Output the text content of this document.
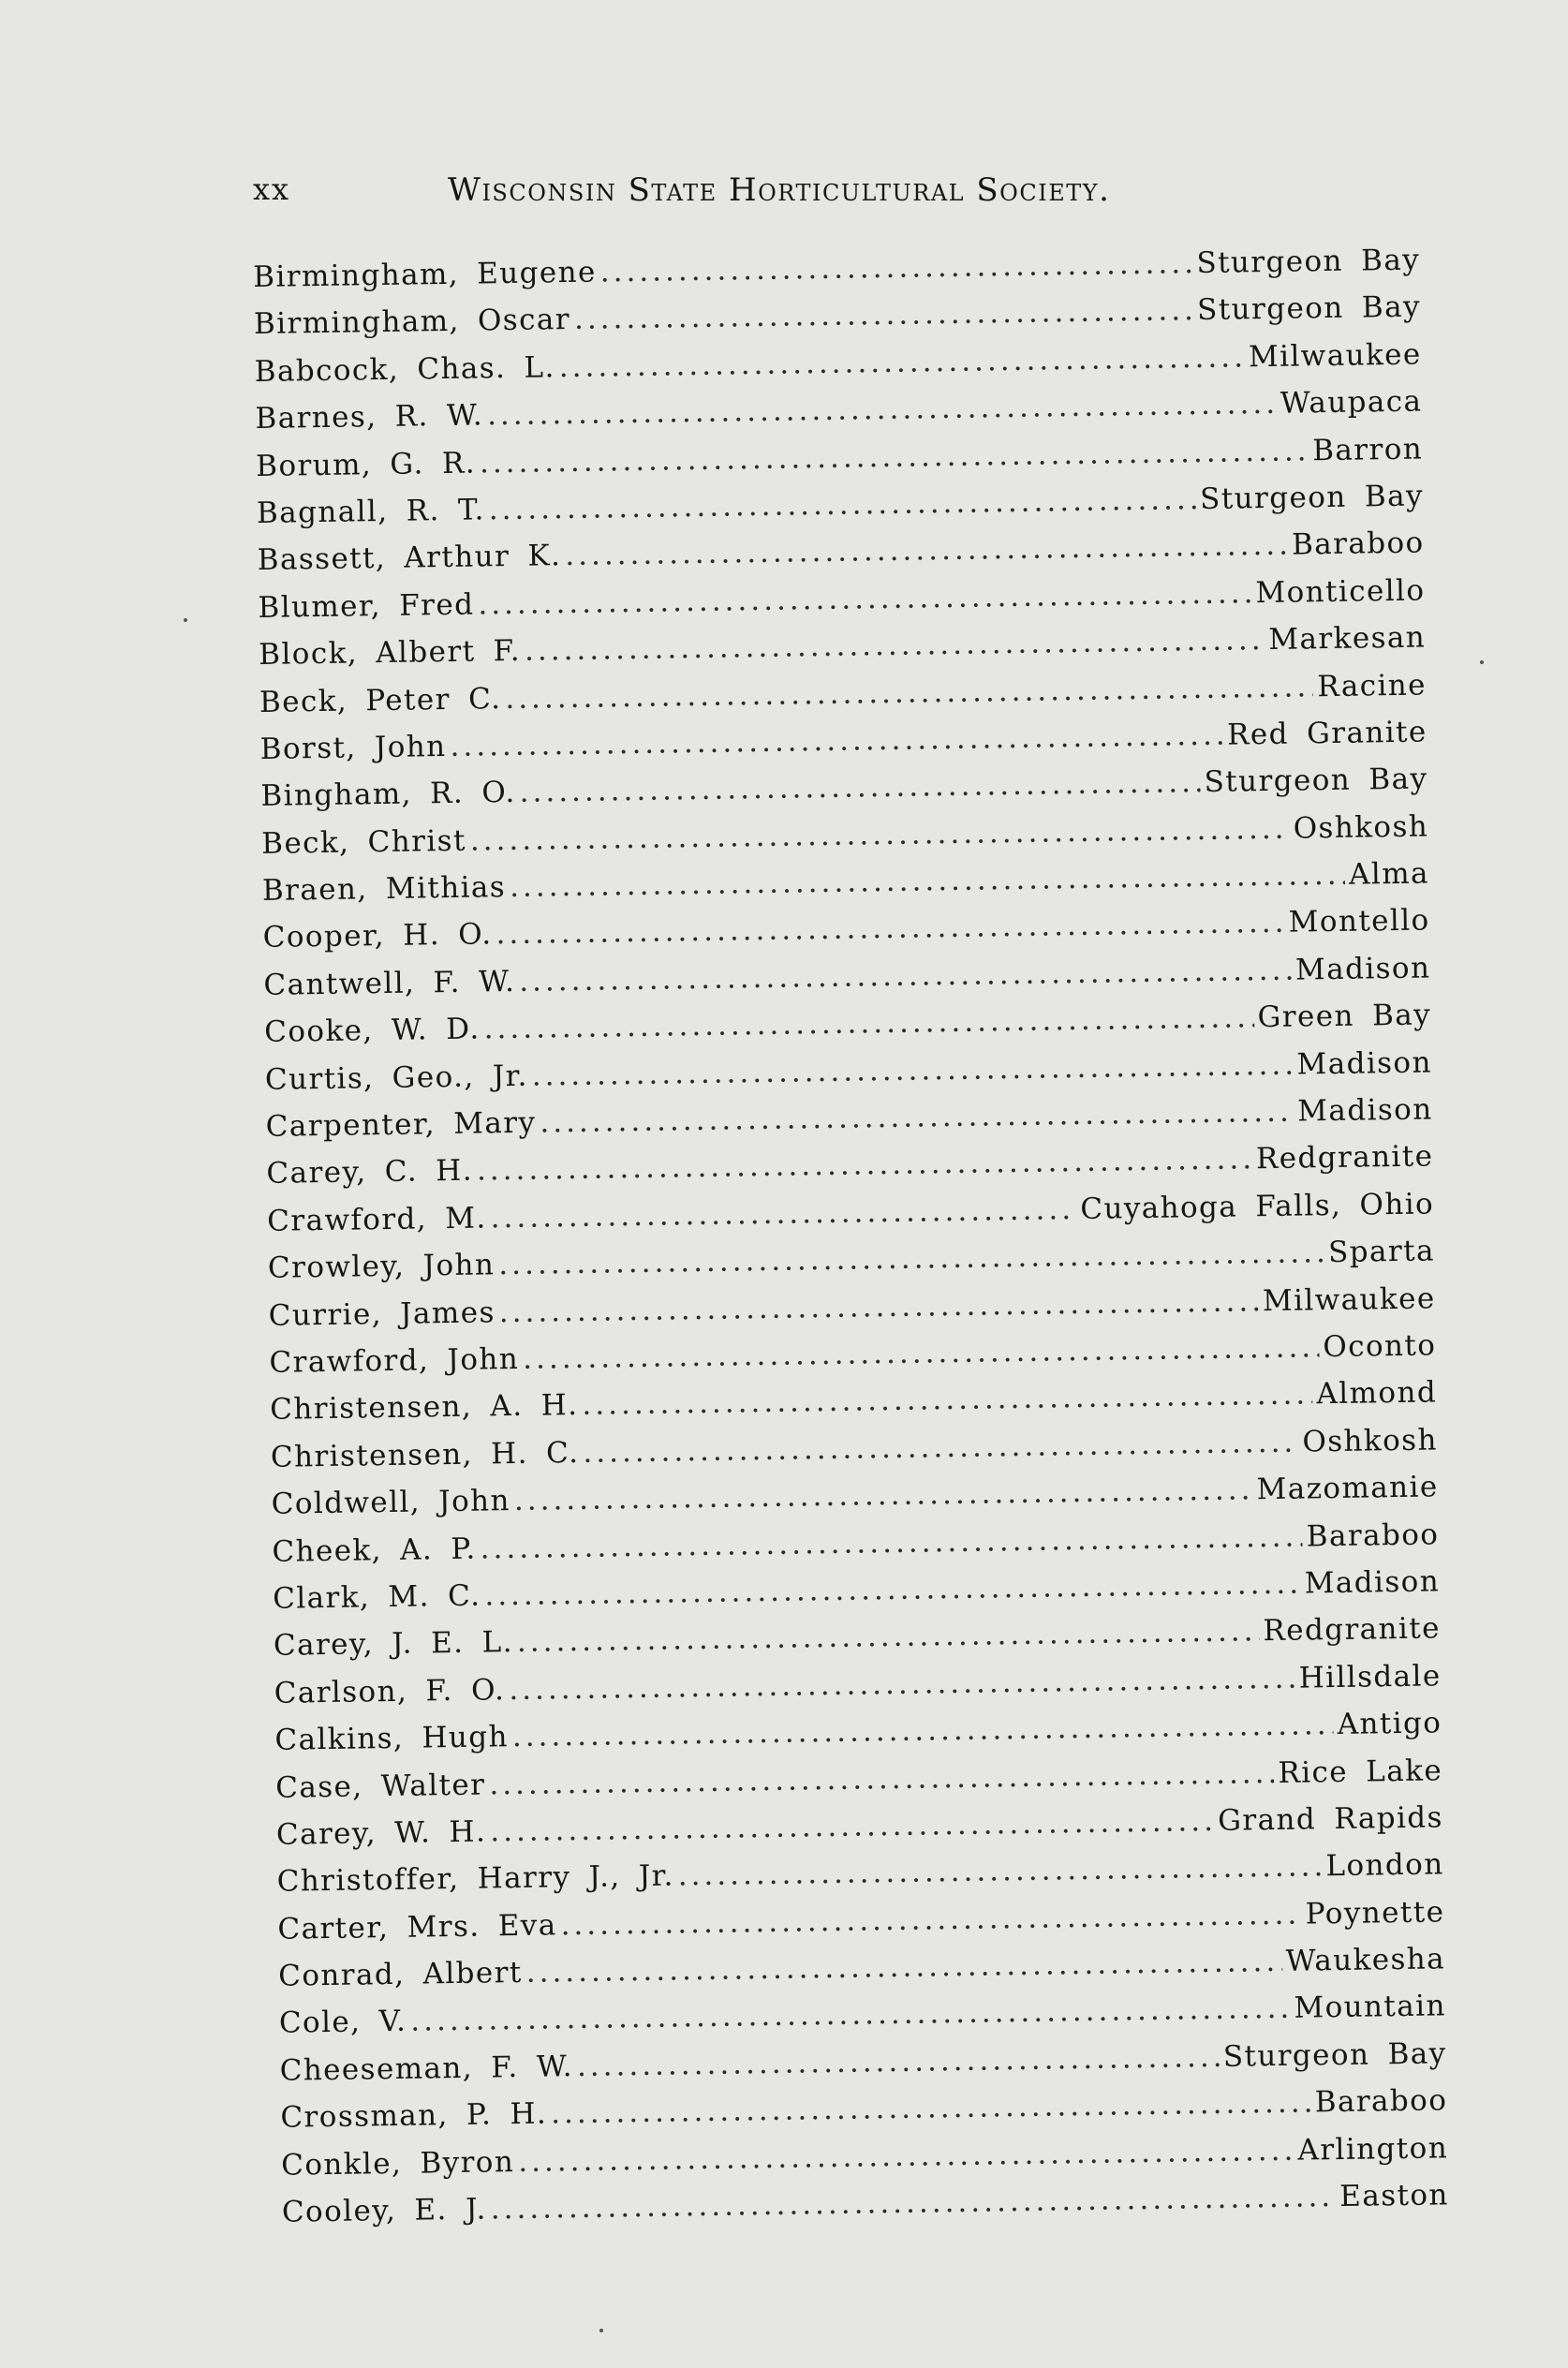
xx	Wisconsin State Horticultural Society.
Birmingham, Eugene .....	Sturgeon Bay
Birmingham, Oscar .....	Sturgeon Bay
Babcock, Chas. L. .....	Milwaukee
Barnes, R. W. .....	Waupaca
Borum, G. R. .....	Barron
Bagnall, R. T. .....	Sturgeon Bay
Bassett, Arthur K. .....	Baraboo
Blumer, Fred .....	Monticello
Block, Albert F. .....	Markesan
Beck, Peter C. .....	Racine
Borst, John .....	Red Granite
Bingham, R. O. .....	Sturgeon Bay
Beck, Christ .....	Oshkosh
Braen, Mithias .....	Alma
Cooper, H. O. .....	Montello
Cantwell, F. W. .....	Madison
Cooke, W. D. .....	Green Bay
Curtis, Geo., Jr. .....	Madison
Carpenter, Mary .....	Madison
Carey, C. H. .....	Redgranite
Crawford, M. .....	Cuyahoga Falls, Ohio
Crowley, John .....	Sparta
Currie, James .....	Milwaukee
Crawford, John .....	Oconto
Christensen, A. H. .....	Almond
Christensen, H. C. .....	Oshkosh
Coldwell, John .....	Mazomanie
Cheek, A. P. .....	Baraboo
Clark, M. C. .....	Madison
Carey, J. E. L. .....	Redgranite
Carlson, F. O. .....	Hillsdale
Calkins, Hugh .....	Antigo
Case, Walter .....	Rice Lake
Carey, W. H. .....	Grand Rapids
Christoffer, Harry J., Jr. .....	London
Carter, Mrs. Eva .....	Poynette
Conrad, Albert .....	Waukesha
Cole, V. .....	Mountain
Cheeseman, F. W. .....	Sturgeon Bay
Crossman, P. H. .....	Baraboo
Conkle, Byron .....	Arlington
Cooley, E. J. .....	Easton
